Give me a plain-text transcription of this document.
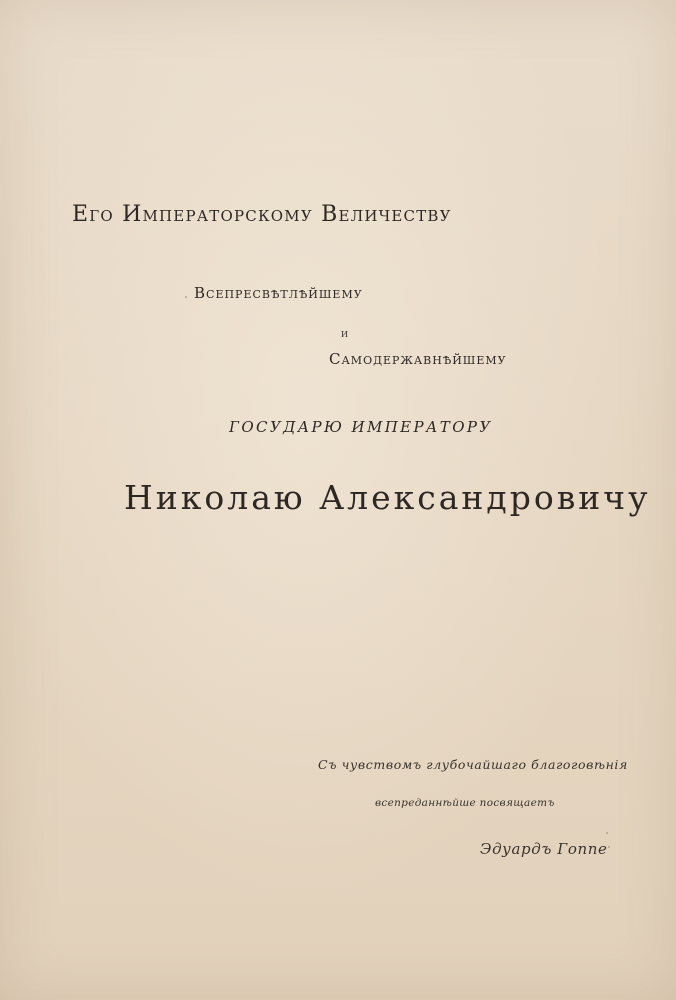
Его Императорскому Величеству
Всепресвѣтлѣйшему
и
Самодержавнѣйшему
ГОСУДАРЮ ИМПЕРАТОРУ
Николаю Александровичу
Съ чувствомъ глубочайшаго благоговѣнія
всепреданнѣйше посвящаетъ
Эдуардъ Гоппе
